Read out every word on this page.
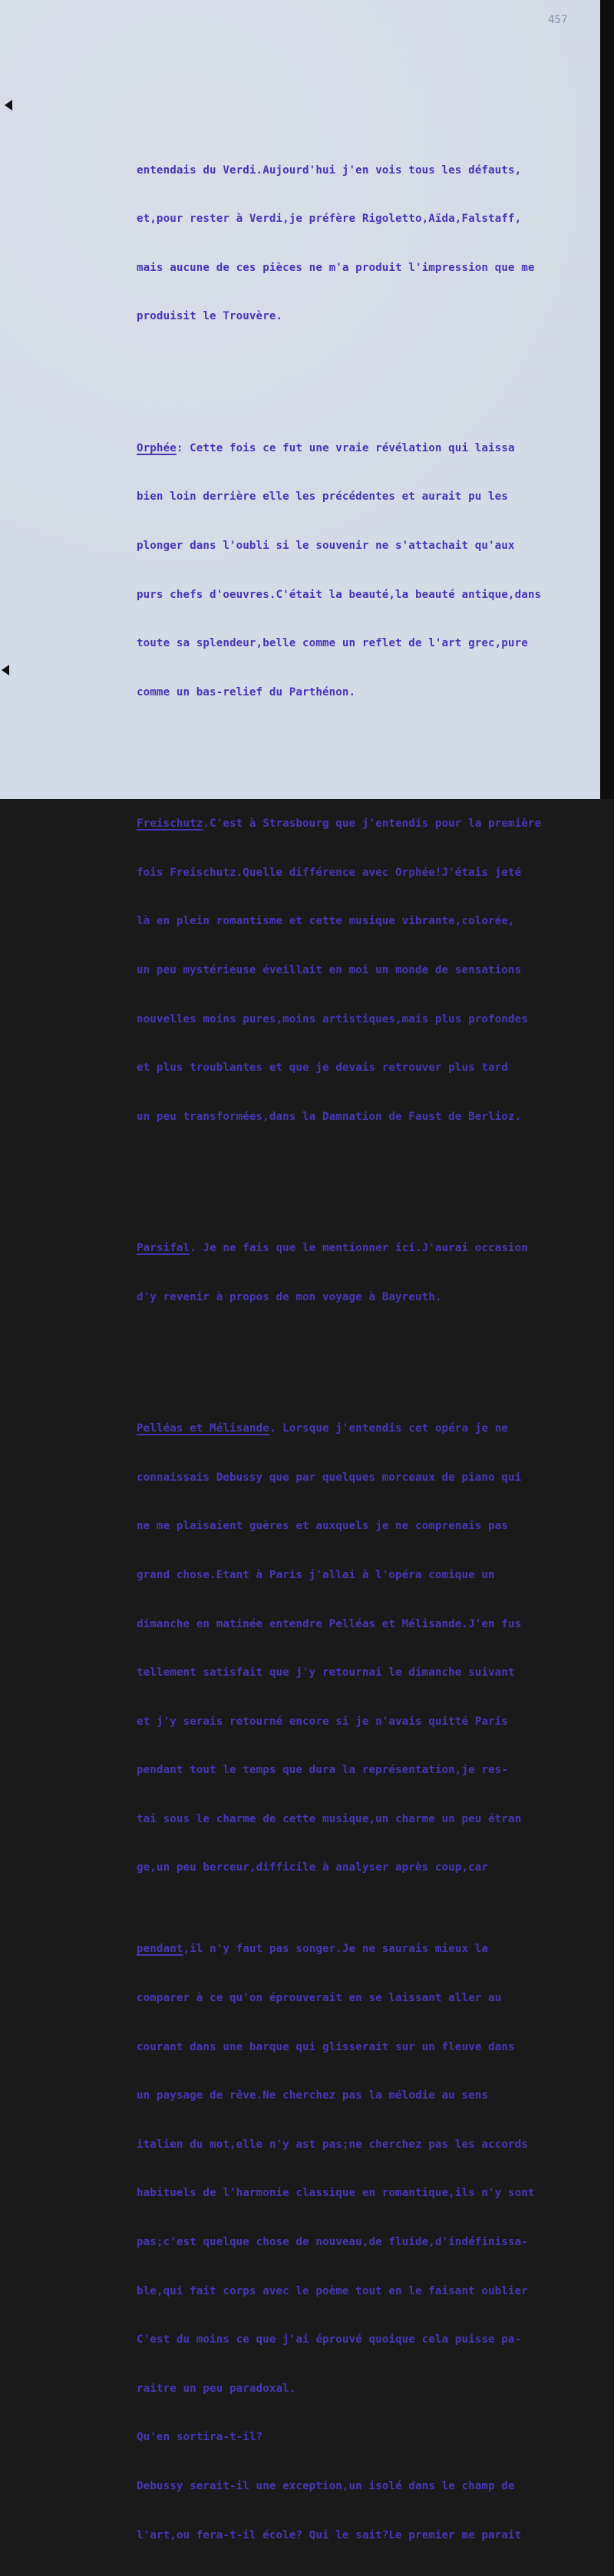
457

entendais du Verdi.Aujourd'hui j'en vois tous les défauts,

et,pour rester à Verdi,je préfère Rigoletto,Aïda,Falstaff,

mais aucune de ces pièces ne m'a produit l'impression que me

produisit le Trouvère.

Orphée: Cette fois ce fut une vraie révélation qui laissa

bien loin derrière elle les précédentes et aurait pu les

plonger dans l'oubli si le souvenir ne s'attachait qu'aux

purs chefs d'oeuvres.C'était la beauté,la beauté antique,dans

toute sa splendeur,belle comme un reflet de l'art grec,pure

comme un bas-relief du Parthénon.

Freischutz.C'est à Strasbourg que j'entendis pour la première

fois Freischutz.Quelle différence avec Orphée!J'étais jeté

là en plein romantisme et cette musique vibrante,colorée,

un peu mystérieuse éveillait en moi un monde de sensations

nouvelles moins pures,moins artistiques,mais plus profondes

et plus troublantes et que je devais retrouver plus tard

un peu transformées,dans la Damnation de Faust de Berlioz.

Parsifal. Je ne fais que le mentionner ici.J'aurai occasion

d'y revenir à propos de mon voyage à Bayreuth.

Pelléas et Mélisande. Lorsque j'entendis cet opéra je ne

connaissais Debussy que par quelques morceaux de piano qui

ne me plaisaient guères et auxquels je ne comprenais pas

grand chose.Etant à Paris j'allai à l'opéra comique un

dimanche en matinée entendre Pelléas et Mélisande.J'en fus

tellement satisfait que j'y retournai le dimanche suivant

et j'y serais retourné encore si je n'avais quitté Paris

pendant tout le temps que dura la représentation,je res-

tai sous le charme de cette musique,un charme un peu étran

ge,un peu berceur,difficile à analyser après coup,car

pendant,il n'y faut pas songer.Je ne saurais mieux la

comparer à ce qu'on éprouverait en se laissant aller au

courant dans une barque qui glisserait sur un fleuve dans

un paysage de rêve.Ne cherchez pas la mélodie au sens

italien du mot,elle n'y ast pas;ne cherchez pas les accords

habituels de l'harmonie classique en romantique,ils n'y sont

pas;c'est quelque chose de nouveau,de fluide,d'indéfinissa-

ble,qui fait corps avec le poème tout en le faisant oublier

C'est du moins ce que j'ai éprouvé quoique cela puisse pa-

raitre un peu paradoxal.

Qu'en sortira-t-il?

Debussy serait-il une exception,un isolé dans le champ de

l'art,ou fera-t-il école? Qui le sait?Le premier me parait
